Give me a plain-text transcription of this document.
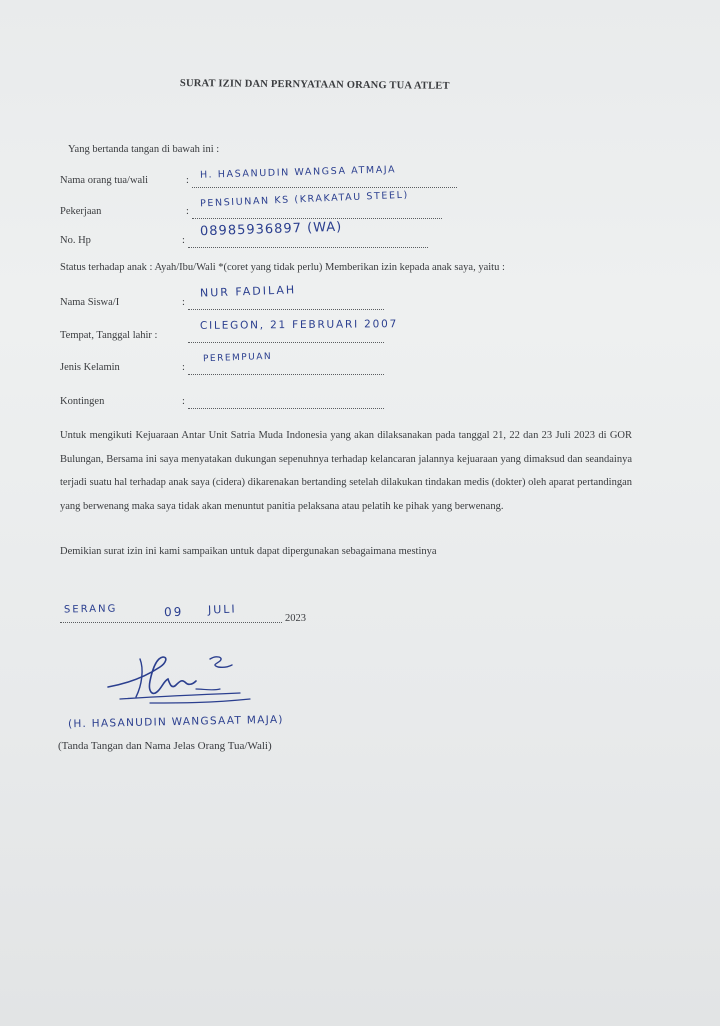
SURAT IZIN DAN PERNYATAAN ORANG TUA ATLET
Yang bertanda tangan di bawah ini :
Nama orang tua/wali	: H. HASANUDIN WANGSA ATMAJA
Pekerjaan	:
PENSIUNAN KS (KRAKATAU STEEL)
No. Hp	:
08985936897 (WA)
Status terhadap anak : Ayah/Ibu/Wali *(coret yang tidak perlu) Memberikan izin kepada anak saya, yaitu :
Nama Siswa/I	:
NUR FADILAH
Tempat, Tanggal lahir :
CILEGON, 21 FEBRUARI 2007
Jenis Kelamin	:
PEREMPUAN
Kontingen	:
Untuk mengikuti Kejuaraan Antar Unit Satria Muda Indonesia yang akan dilaksanakan pada tanggal 21, 22 dan 23 Juli 2023 di GOR Bulungan, Bersama ini saya menyatakan dukungan sepenuhnya terhadap kelancaran jalannya kejuaraan yang dimaksud dan seandainya terjadi suatu hal terhadap anak saya (cidera) dikarenakan bertanding setelah dilakukan tindakan medis (dokter) oleh aparat pertandingan yang berwenang maka saya tidak akan menuntut panitia pelaksana atau pelatih ke pihak yang berwenang.
Demikian surat izin ini kami sampaikan untuk dapat dipergunakan sebagaimana mestinya
SERANG	09 JULI
2023
(H. HASANUDIN WANGSAAT MAJA)
(Tanda Tangan dan Nama Jelas Orang Tua/Wali)
